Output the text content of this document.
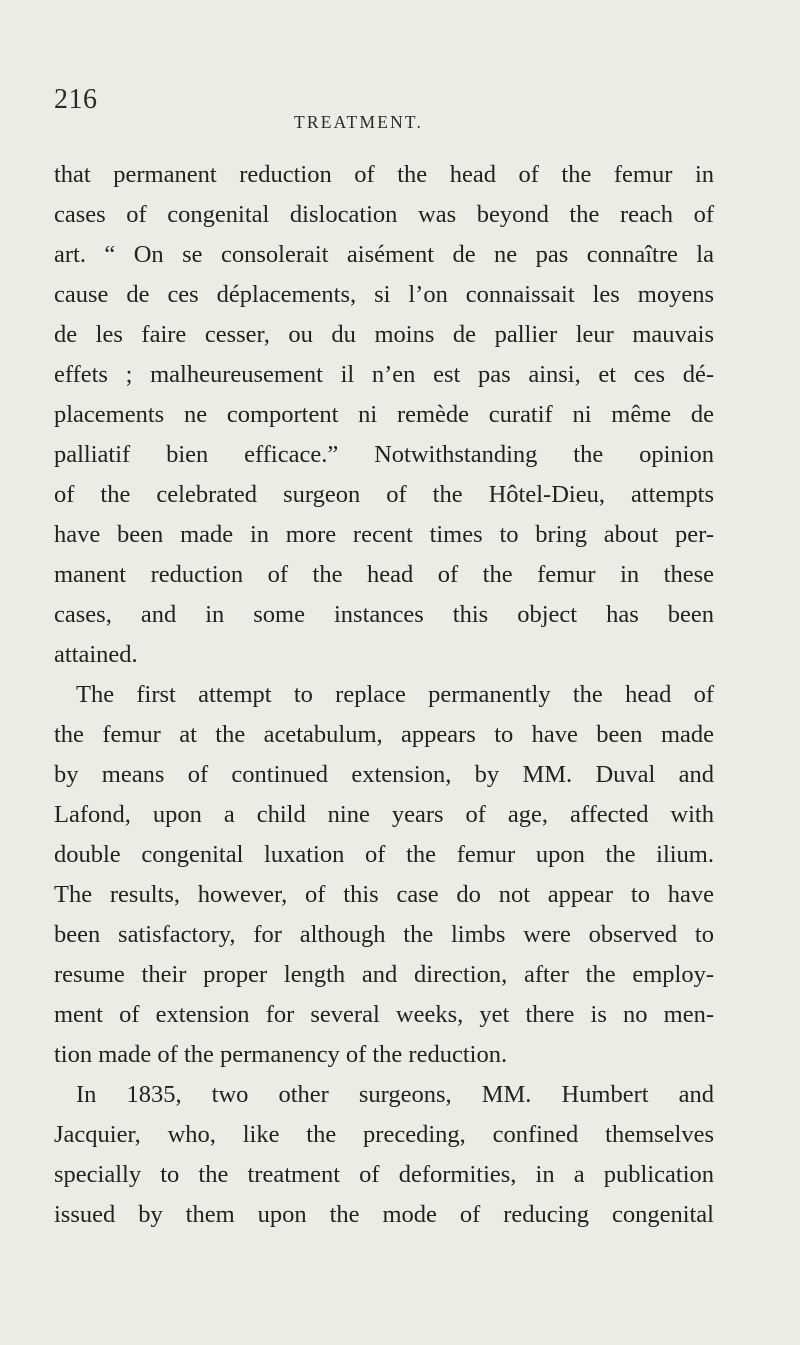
216
TREATMENT.
that permanent reduction of the head of the femur in
cases of congenital dislocation was beyond the reach of
art. “ On se consolerait aisément de ne pas connaître la
cause de ces déplacements, si l’on connaissait les moyens
de les faire cesser, ou du moins de pallier leur mauvais
effets ; malheureusement il n’en est pas ainsi, et ces dé-
placements ne comportent ni remède curatif ni même de
palliatif bien efficace.” Notwithstanding the opinion
of the celebrated surgeon of the Hôtel-Dieu, attempts
have been made in more recent times to bring about per-
manent reduction of the head of the femur in these
cases, and in some instances this object has been
attained.
The first attempt to replace permanently the head of
the femur at the acetabulum, appears to have been made
by means of continued extension, by MM. Duval and
Lafond, upon a child nine years of age, affected with
double congenital luxation of the femur upon the ilium.
The results, however, of this case do not appear to have
been satisfactory, for although the limbs were observed to
resume their proper length and direction, after the employ-
ment of extension for several weeks, yet there is no men-
tion made of the permanency of the reduction.
In 1835, two other surgeons, MM. Humbert and
Jacquier, who, like the preceding, confined themselves
specially to the treatment of deformities, in a publication
issued by them upon the mode of reducing congenital
